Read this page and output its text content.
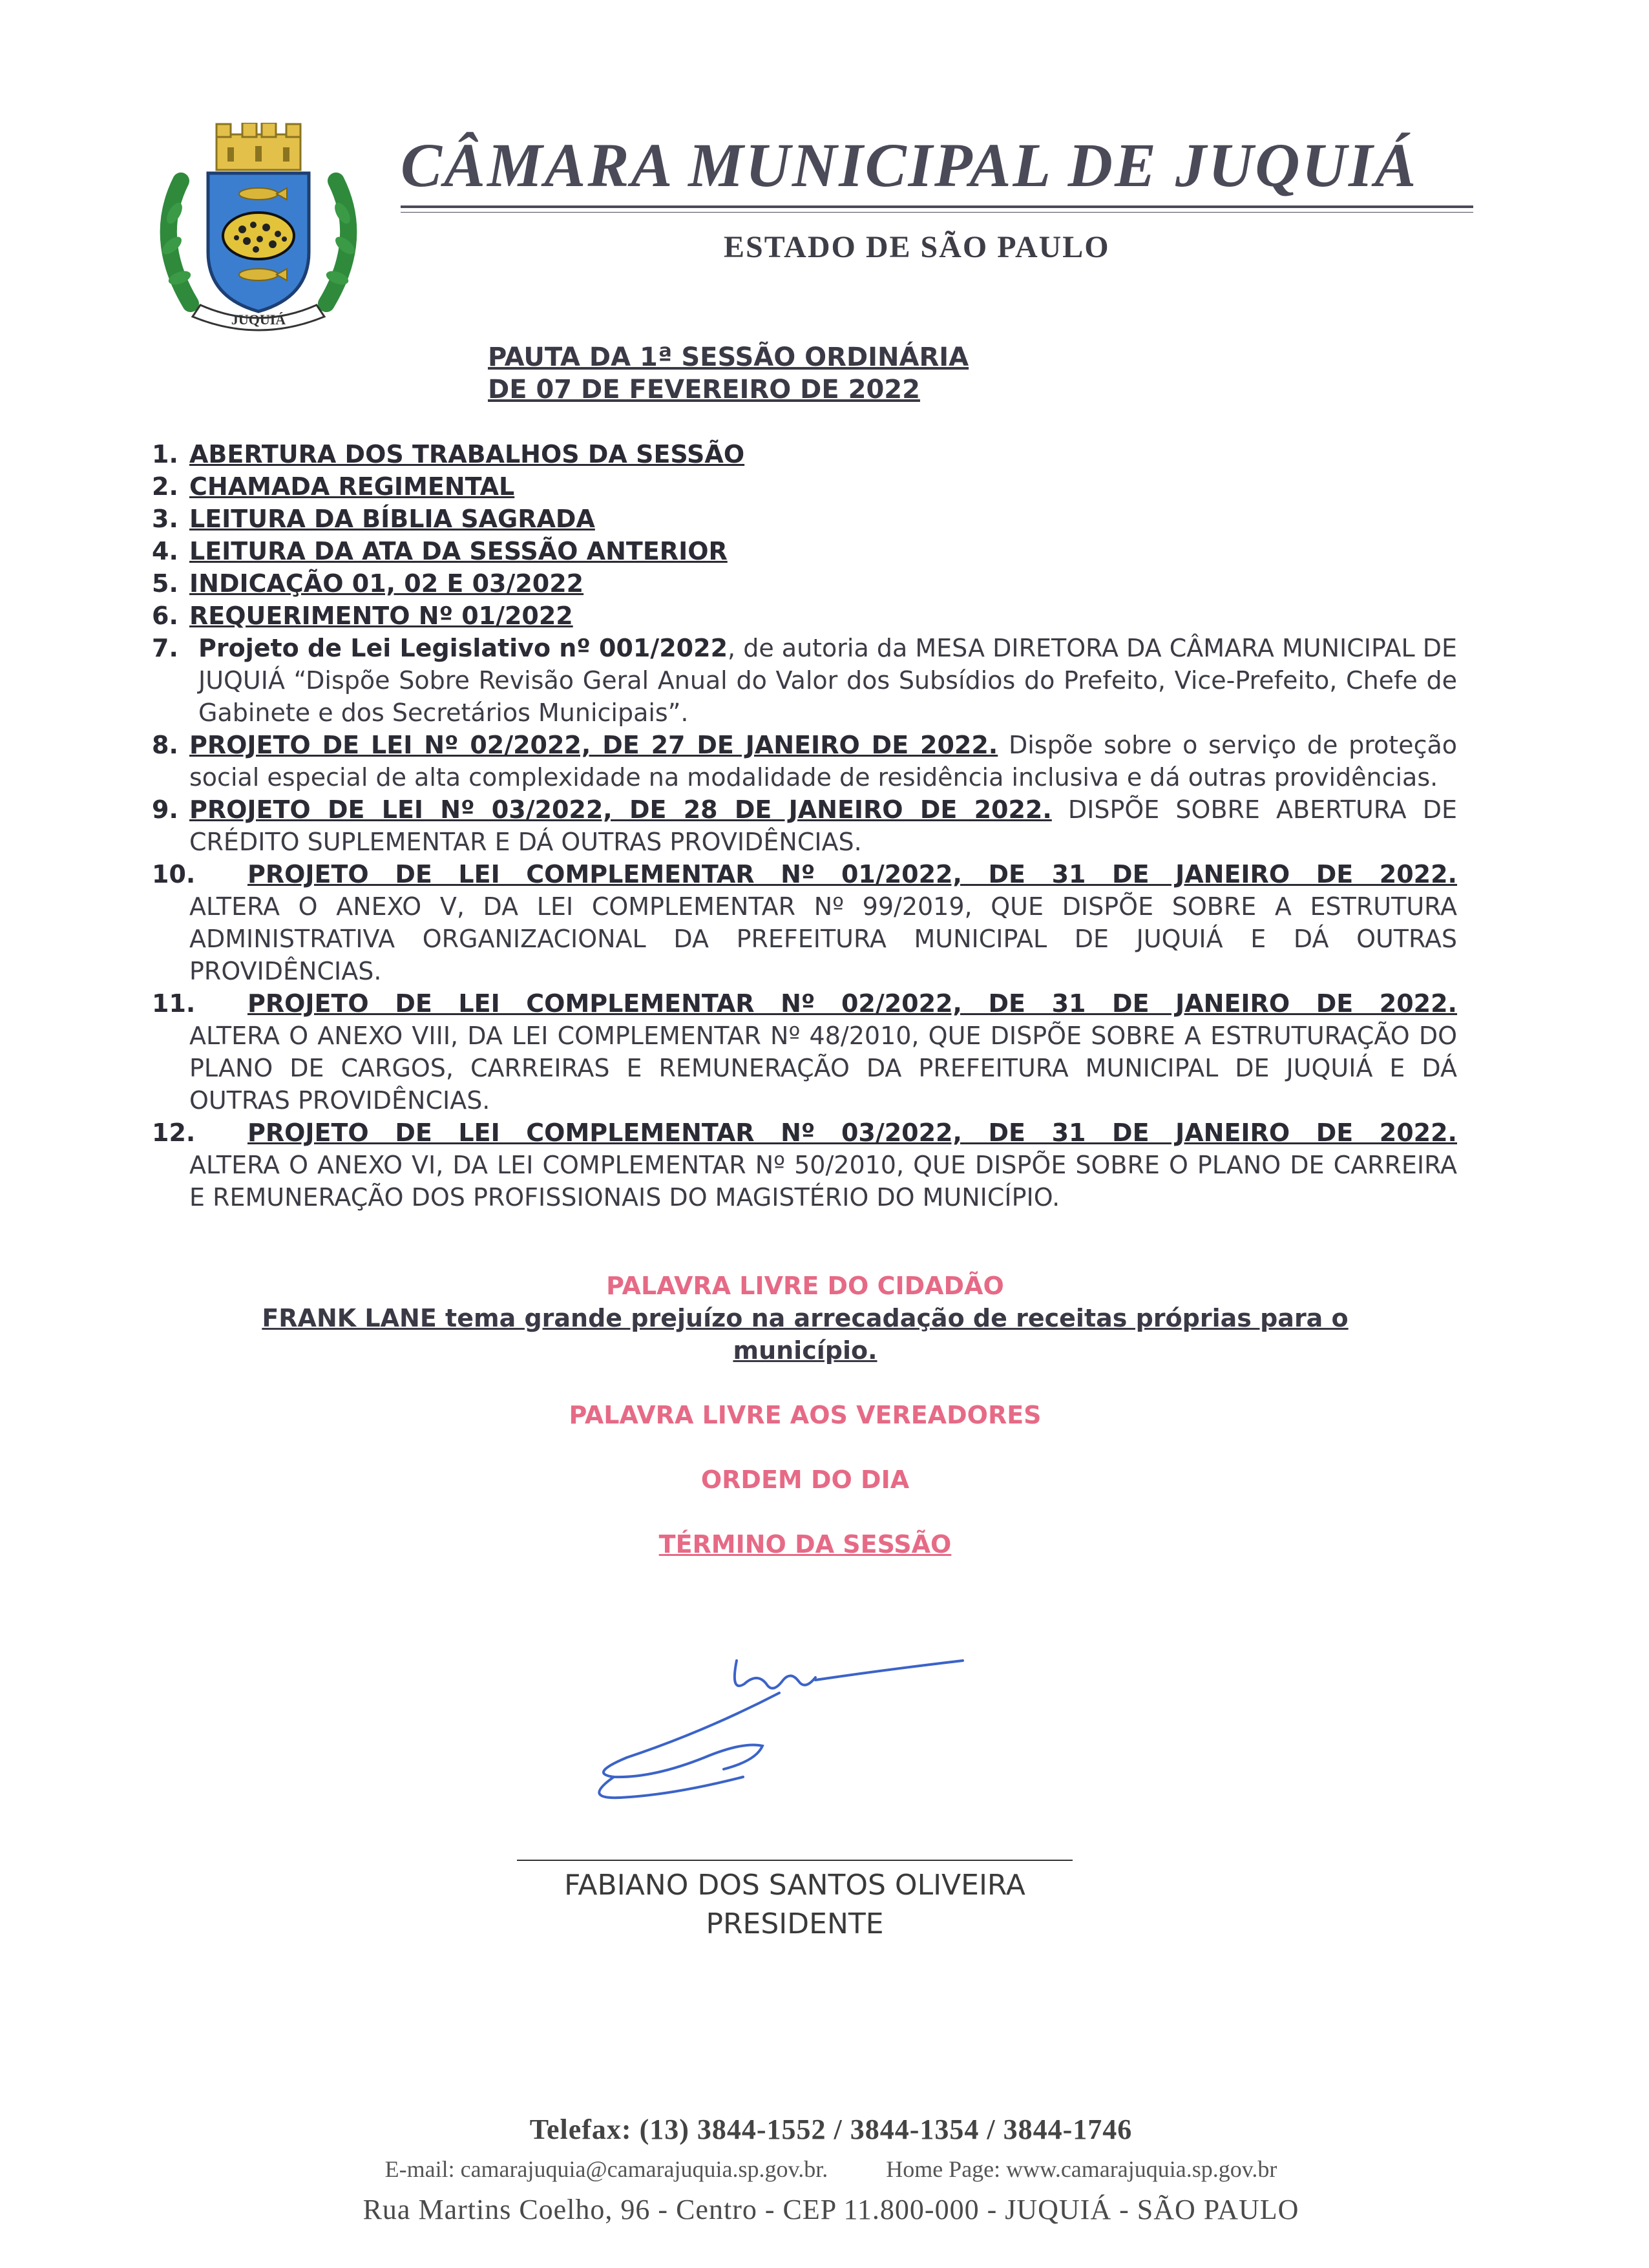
JUQUIÁ
CÂMARA MUNICIPAL DE JUQUIÁ

ESTADO DE SÃO PAULO

PAUTA DA 1ª SESSÃO ORDINÁRIA
DE 07 DE FEVEREIRO DE 2022
1. ABERTURA DOS TRABALHOS DA SESSÃO
2. CHAMADA REGIMENTAL
3. LEITURA DA BÍBLIA SAGRADA
4. LEITURA DA ATA DA SESSÃO ANTERIOR
5. INDICAÇÃO 01, 02 E 03/2022
6. REQUERIMENTO Nº 01/2022
7. Projeto de Lei Legislativo nº 001/2022, de autoria da MESA DIRETORA DA CÂMARA MUNICIPAL DE JUQUIÁ “Dispõe Sobre Revisão Geral Anual do Valor dos Subsídios do Prefeito, Vice-Prefeito, Chefe de Gabinete e dos Secretários Municipais”.
8. PROJETO DE LEI Nº 02/2022, DE 27 DE JANEIRO DE 2022. Dispõe sobre o serviço de proteção social especial de alta complexidade na modalidade de residência inclusiva e dá outras providências.
9. PROJETO DE LEI Nº 03/2022, DE 28 DE JANEIRO DE 2022. DISPÕE SOBRE ABERTURA DE CRÉDITO SUPLEMENTAR E DÁ OUTRAS PROVIDÊNCIAS.
10.	PROJETO DE LEI COMPLEMENTAR Nº 01/2022, DE 31 DE JANEIRO DE 2022.
ALTERA O ANEXO V, DA LEI COMPLEMENTAR Nº 99/2019, QUE DISPÕE SOBRE A ESTRUTURA ADMINISTRATIVA ORGANIZACIONAL DA PREFEITURA MUNICIPAL DE JUQUIÁ E DÁ OUTRAS PROVIDÊNCIAS.
11.	PROJETO DE LEI COMPLEMENTAR Nº 02/2022, DE 31 DE JANEIRO DE 2022.
ALTERA O ANEXO VIII, DA LEI COMPLEMENTAR Nº 48/2010, QUE DISPÕE SOBRE A ESTRUTURAÇÃO DO PLANO DE CARGOS, CARREIRAS E REMUNERAÇÃO DA PREFEITURA MUNICIPAL DE JUQUIÁ E DÁ OUTRAS PROVIDÊNCIAS.
12.	PROJETO DE LEI COMPLEMENTAR Nº 03/2022, DE 31 DE JANEIRO DE 2022.
ALTERA O ANEXO VI, DA LEI COMPLEMENTAR Nº 50/2010, QUE DISPÕE SOBRE O PLANO DE CARREIRA E REMUNERAÇÃO DOS PROFISSIONAIS DO MAGISTÉRIO DO MUNICÍPIO.
PALAVRA LIVRE DO CIDADÃO
FRANK LANE tema grande prejuízo na arrecadação de receitas próprias para o município.
PALAVRA LIVRE AOS VEREADORES
ORDEM DO DIA
TÉRMINO DA SESSÃO
FABIANO DOS SANTOS OLIVEIRA
PRESIDENTE
Telefax: (13) 3844-1552 / 3844-1354 / 3844-1746
E-mail: camarajuquia@camarajuquia.sp.gov.br.	Home Page: www.camarajuquia.sp.gov.br
Rua Martins Coelho, 96 - Centro - CEP 11.800-000 - JUQUIÁ - SÃO PAULO
